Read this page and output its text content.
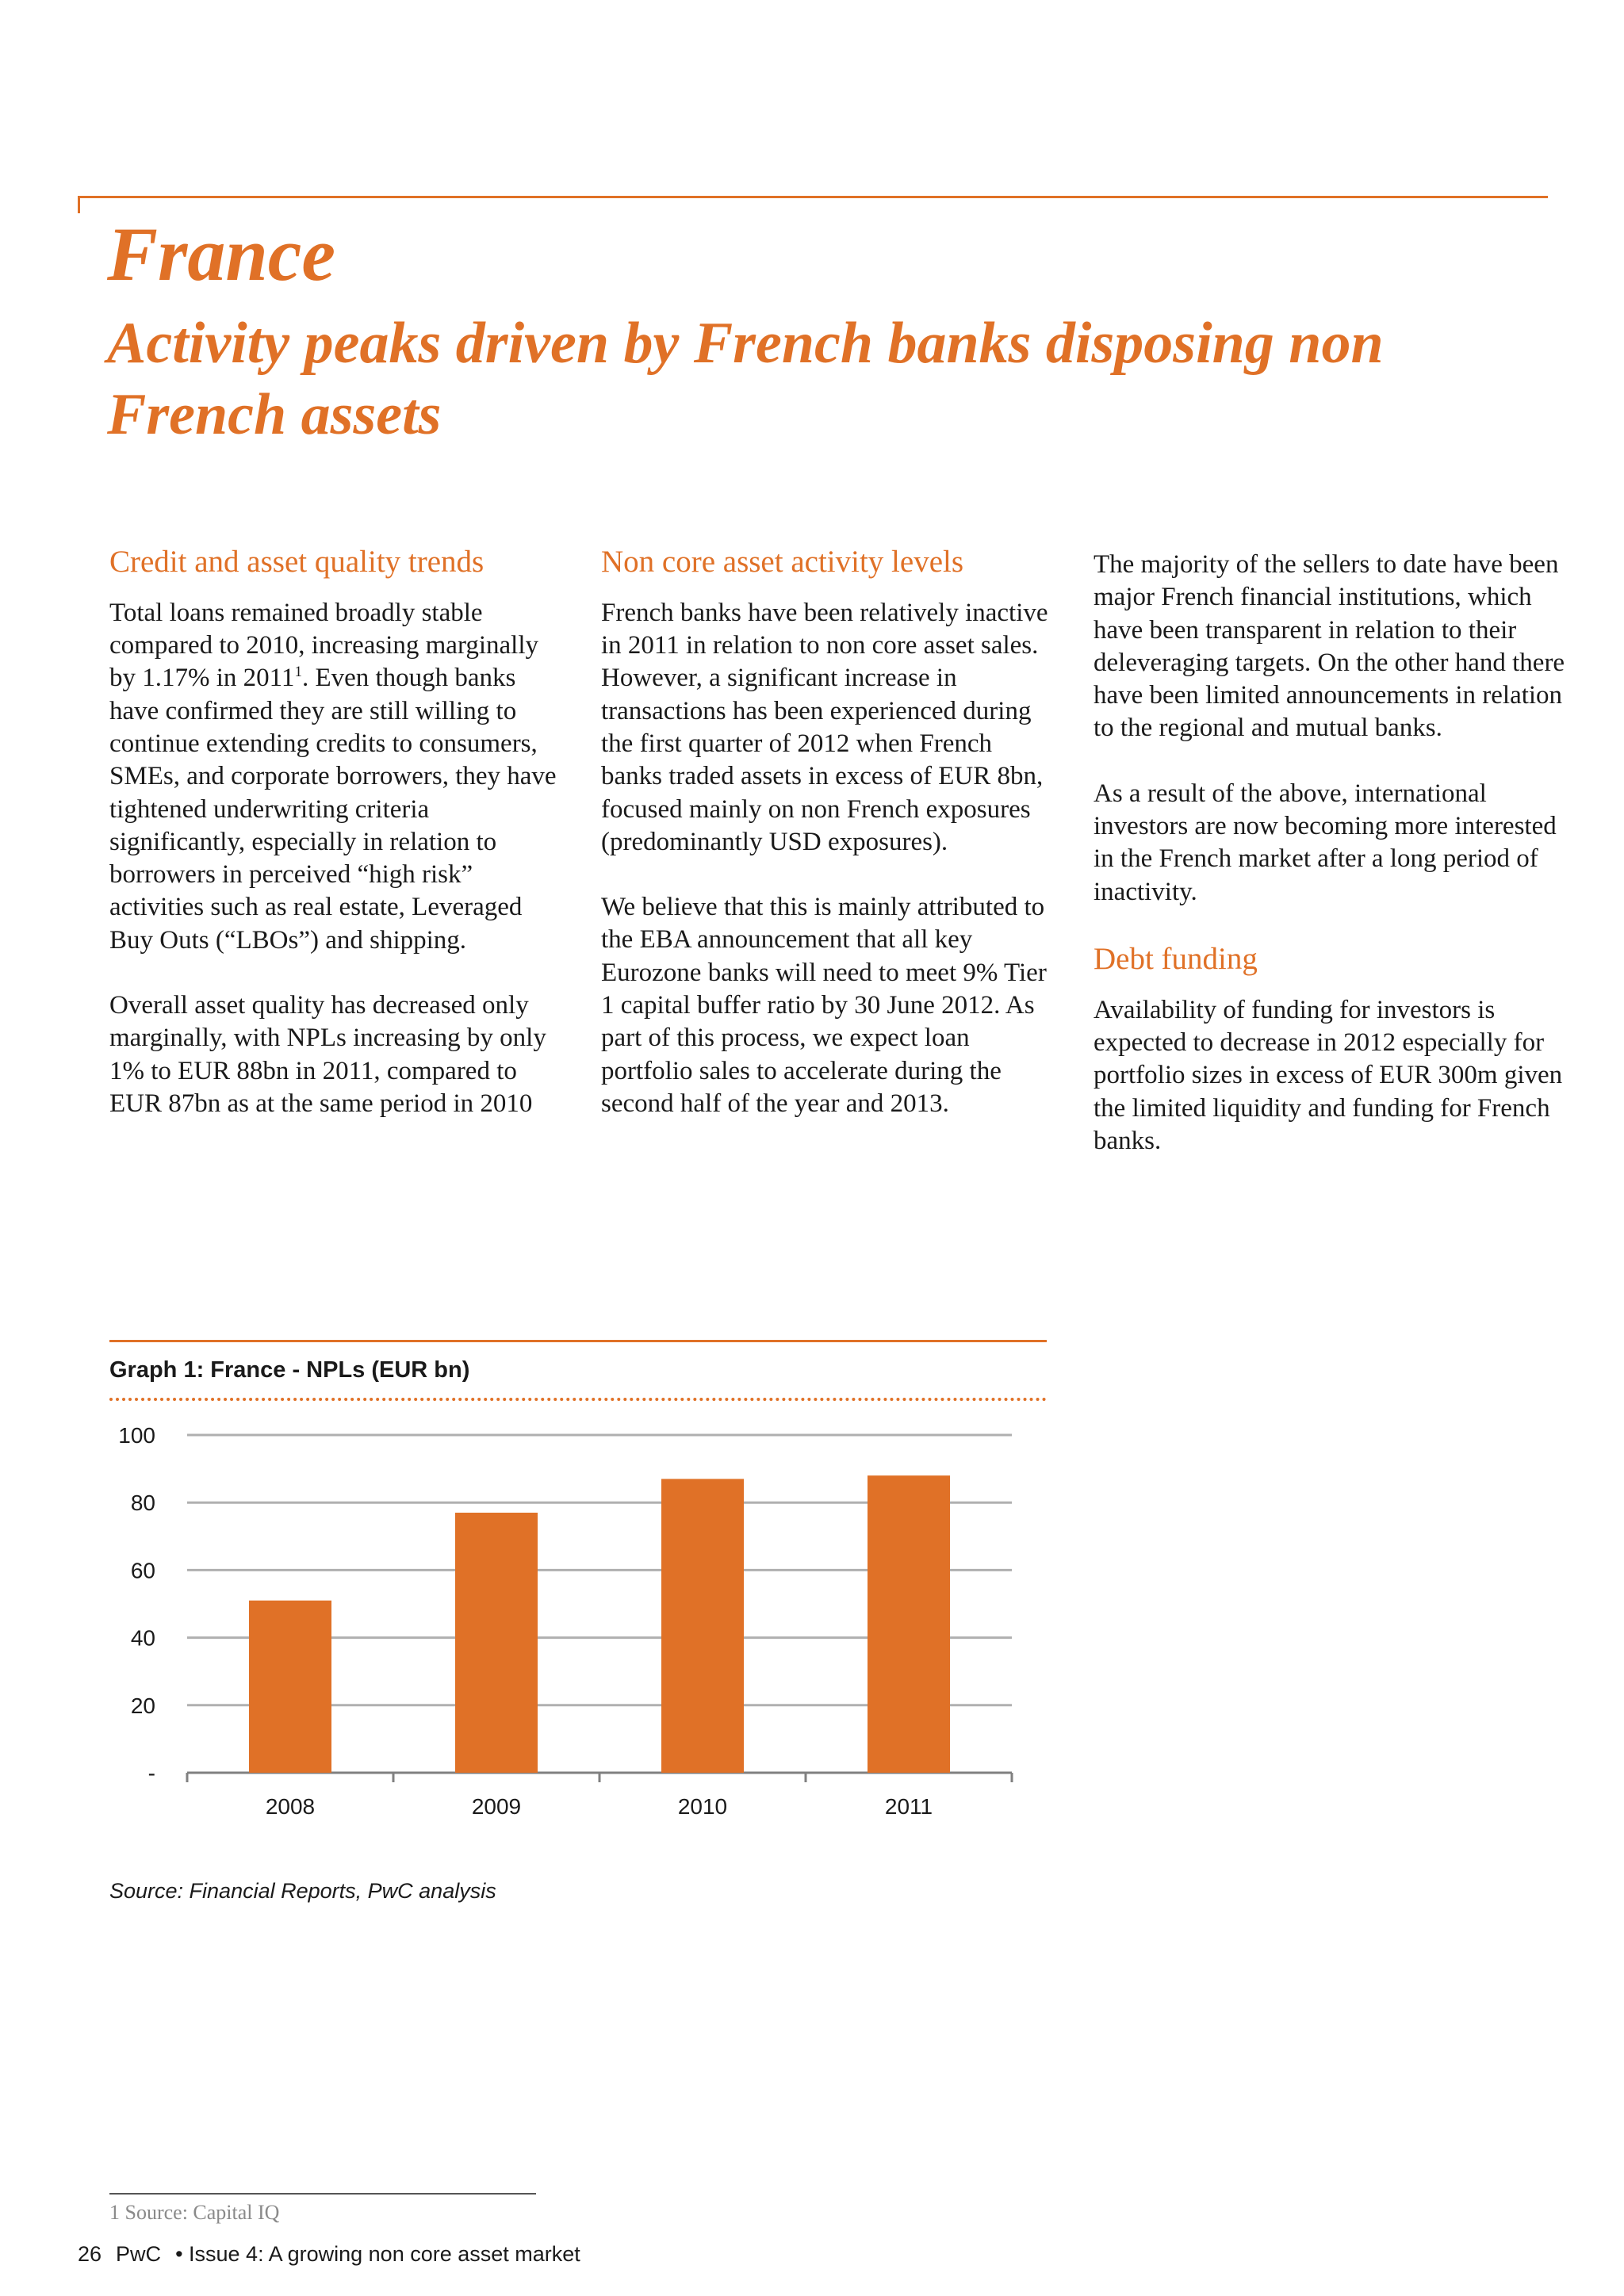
France
Activity peaks driven by French banks disposing non French assets
Credit and asset quality trends

Total loans remained broadly stable compared to 2010, increasing marginally by 1.17% in 2011$^1$. Even though banks have confirmed they are still willing to continue extending credits to consumers, SMEs, and corporate borrowers, they have tightened underwriting criteria significantly, especially in relation to borrowers in perceived “high risk” activities such as real estate, Leveraged Buy Outs (“LBOs”) and shipping.

Overall asset quality has decreased only marginally, with NPLs increasing by only 1% to EUR 88bn in 2011, compared to EUR 87bn as at the same period in 2010

Non core asset activity levels

French banks have been relatively inactive in 2011 in relation to non core asset sales. However, a significant increase in transactions has been experienced during the first quarter of 2012 when French banks traded assets in excess of EUR 8bn, focused mainly on non French exposures (predominantly USD exposures).

We believe that this is mainly attributed to the EBA announcement that all key Eurozone banks will need to meet 9% Tier 1 capital buffer ratio by 30 June 2012. As part of this process, we expect loan portfolio sales to accelerate during the second half of the year and 2013.

The majority of the sellers to date have been major French financial institutions, which have been transparent in relation to their deleveraging targets. On the other hand there have been limited announcements in relation to the regional and mutual banks.

As a result of the above, international investors are now becoming more interested in the French market after a long period of inactivity.

Debt funding

Availability of funding for investors is expected to decrease in 2012 especially for portfolio sizes in excess of EUR 300m given the limited liquidity and funding for French banks.

Graph 1: France - NPLs (EUR bn)
-
20
40
60
80
100
2008	2009	2010	2011
Source: Financial Reports, PwC analysis
1 Source: Capital IQ
26 PwC • Issue 4: A growing non core asset market
